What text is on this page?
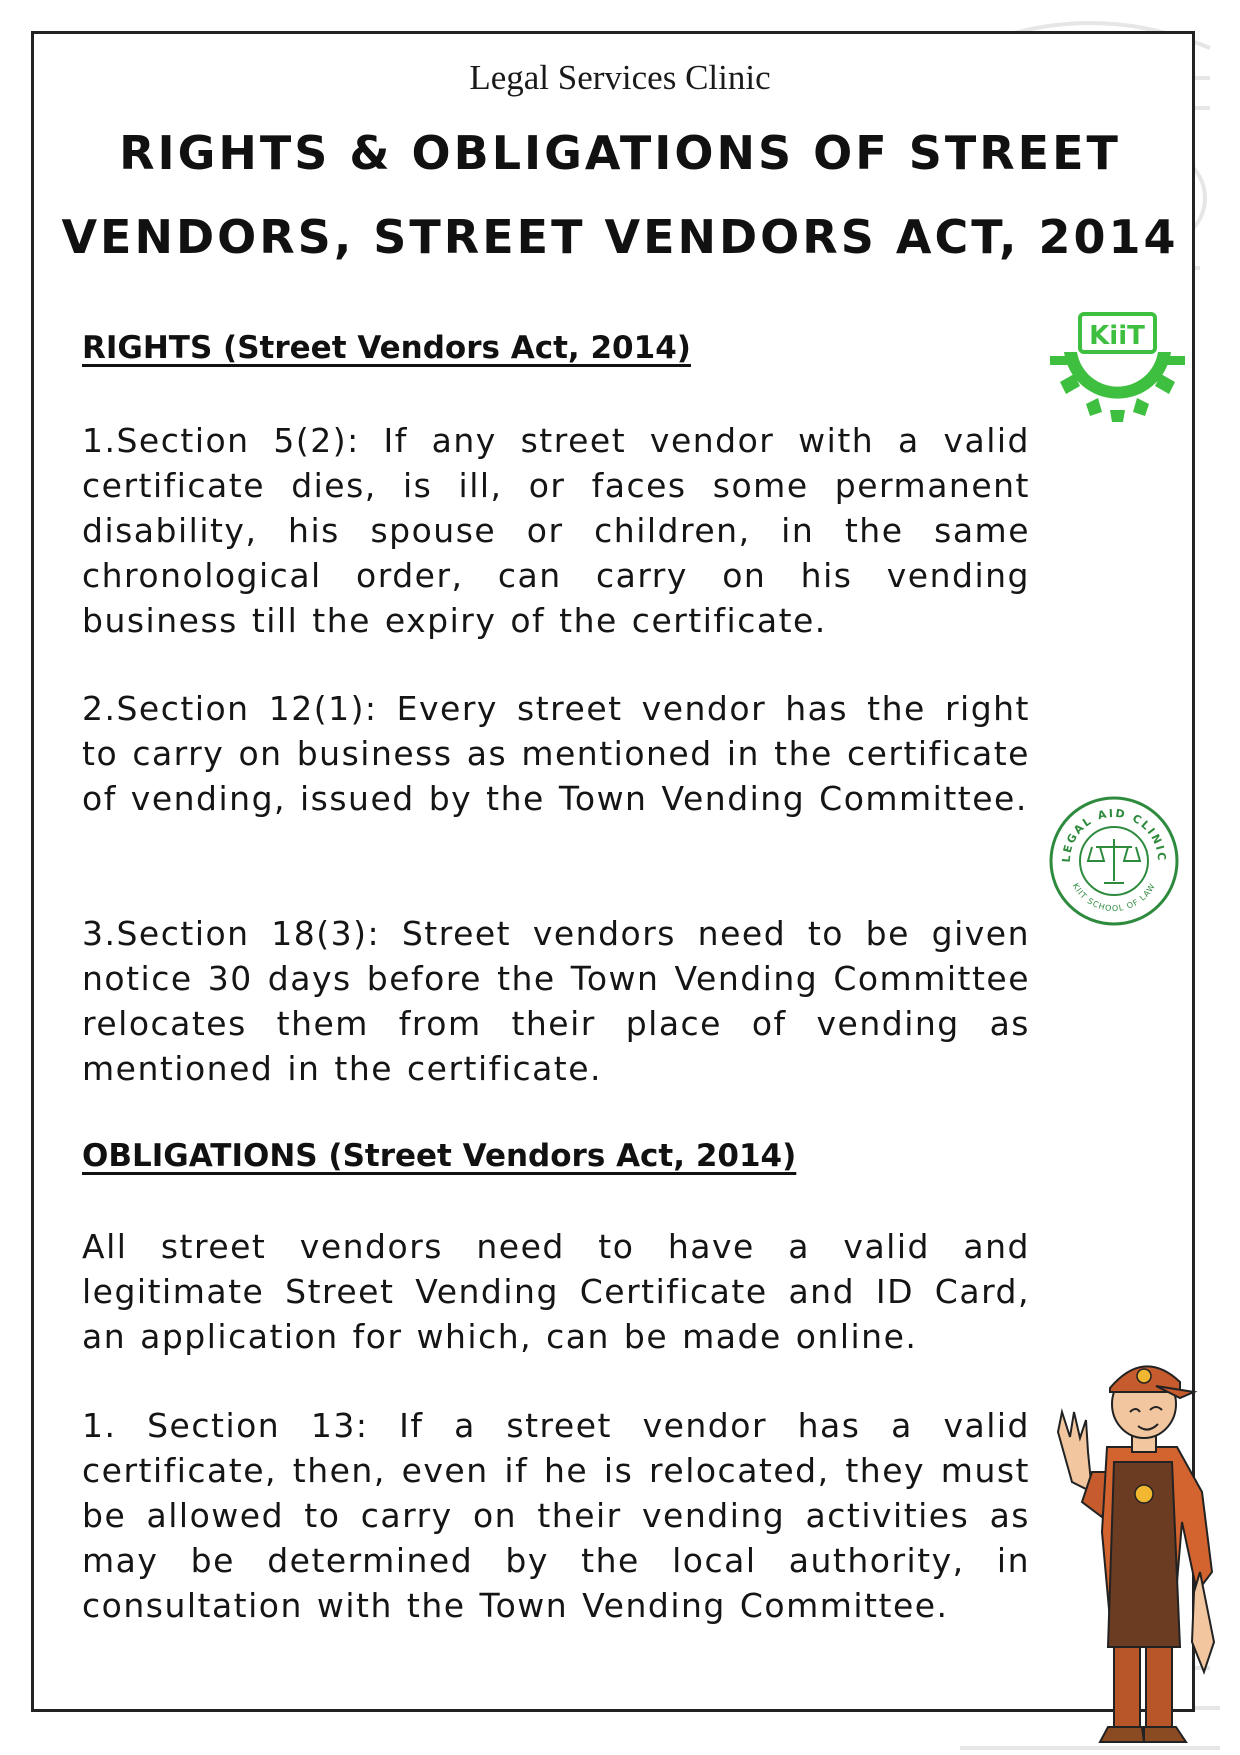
Legal Services Clinic
RIGHTS & OBLIGATIONS OF STREET
VENDORS, STREET VENDORS ACT, 2014
KiiT
LEGAL AID CLINIC
KIIT SCHOOL OF LAW
RIGHTS (Street Vendors Act, 2014)

1.Section 5(2): If any street vendor with a valid certificate dies, is ill, or faces some permanent disability, his spouse or children, in the same chronological order, can carry on his vending business till the expiry of the certificate.

2.Section 12(1): Every street vendor has the right to carry on business as mentioned in the certificate of vending, issued by the Town Vending Committee.

3.Section 18(3): Street vendors need to be given notice 30 days before the Town Vending Committee relocates them from their place of vending as mentioned in the certificate.

OBLIGATIONS (Street Vendors Act, 2014)

All street vendors need to have a valid and legitimate Street Vending Certificate and ID Card, an application for which, can be made online.

1. Section 13: If a street vendor has a valid certificate, then, even if he is relocated, they must be allowed to carry on their vending activities as may be determined by the local authority, in consultation with the Town Vending Committee.
